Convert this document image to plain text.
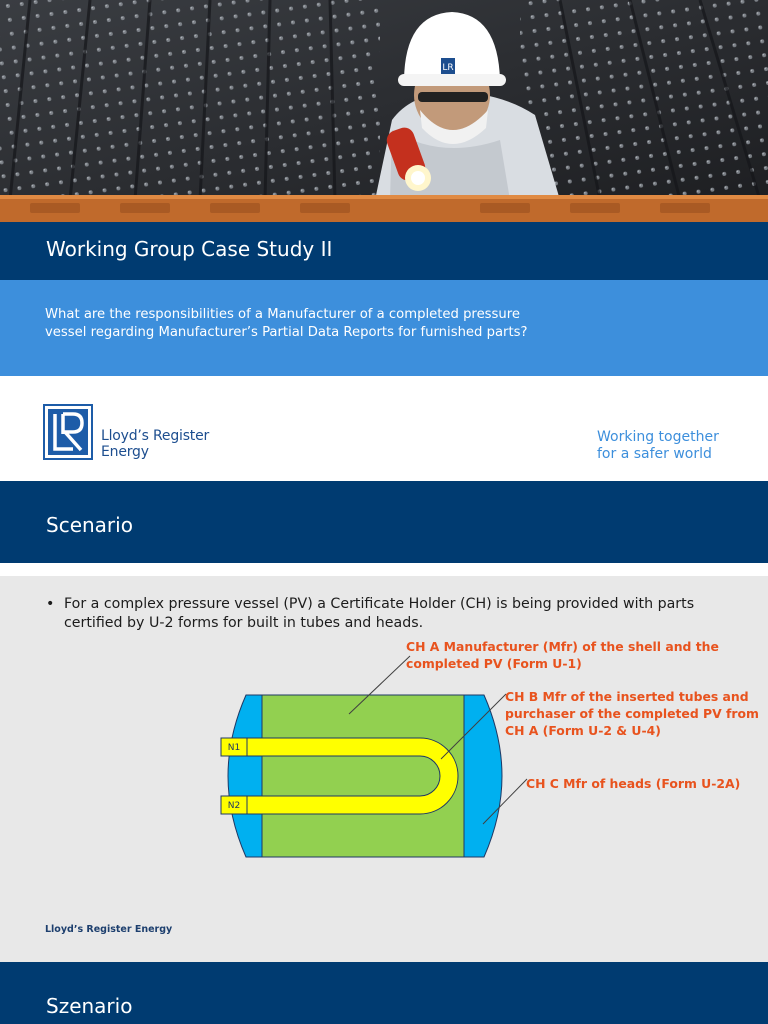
LR
Working Group Case Study II
What are the responsibilities of a Manufacturer of a completed pressure vessel regarding Manufacturer’s Partial Data Reports for furnished parts?
Lloyd’s Register
Energy
Working together
for a safer world
Scenario
• For a complex pressure vessel (PV) a Certificate Holder (CH) is being provided with parts certified by U-2 forms for built in tubes and heads.
N1
N2
CH A Manufacturer (Mfr) of the shell and the completed PV (Form U-1)
CH B Mfr of the inserted tubes and purchaser of the completed PV from CH A (Form U-2 & U-4)
CH C Mfr of heads (Form U-2A)
Lloyd’s Register Energy
Szenario
